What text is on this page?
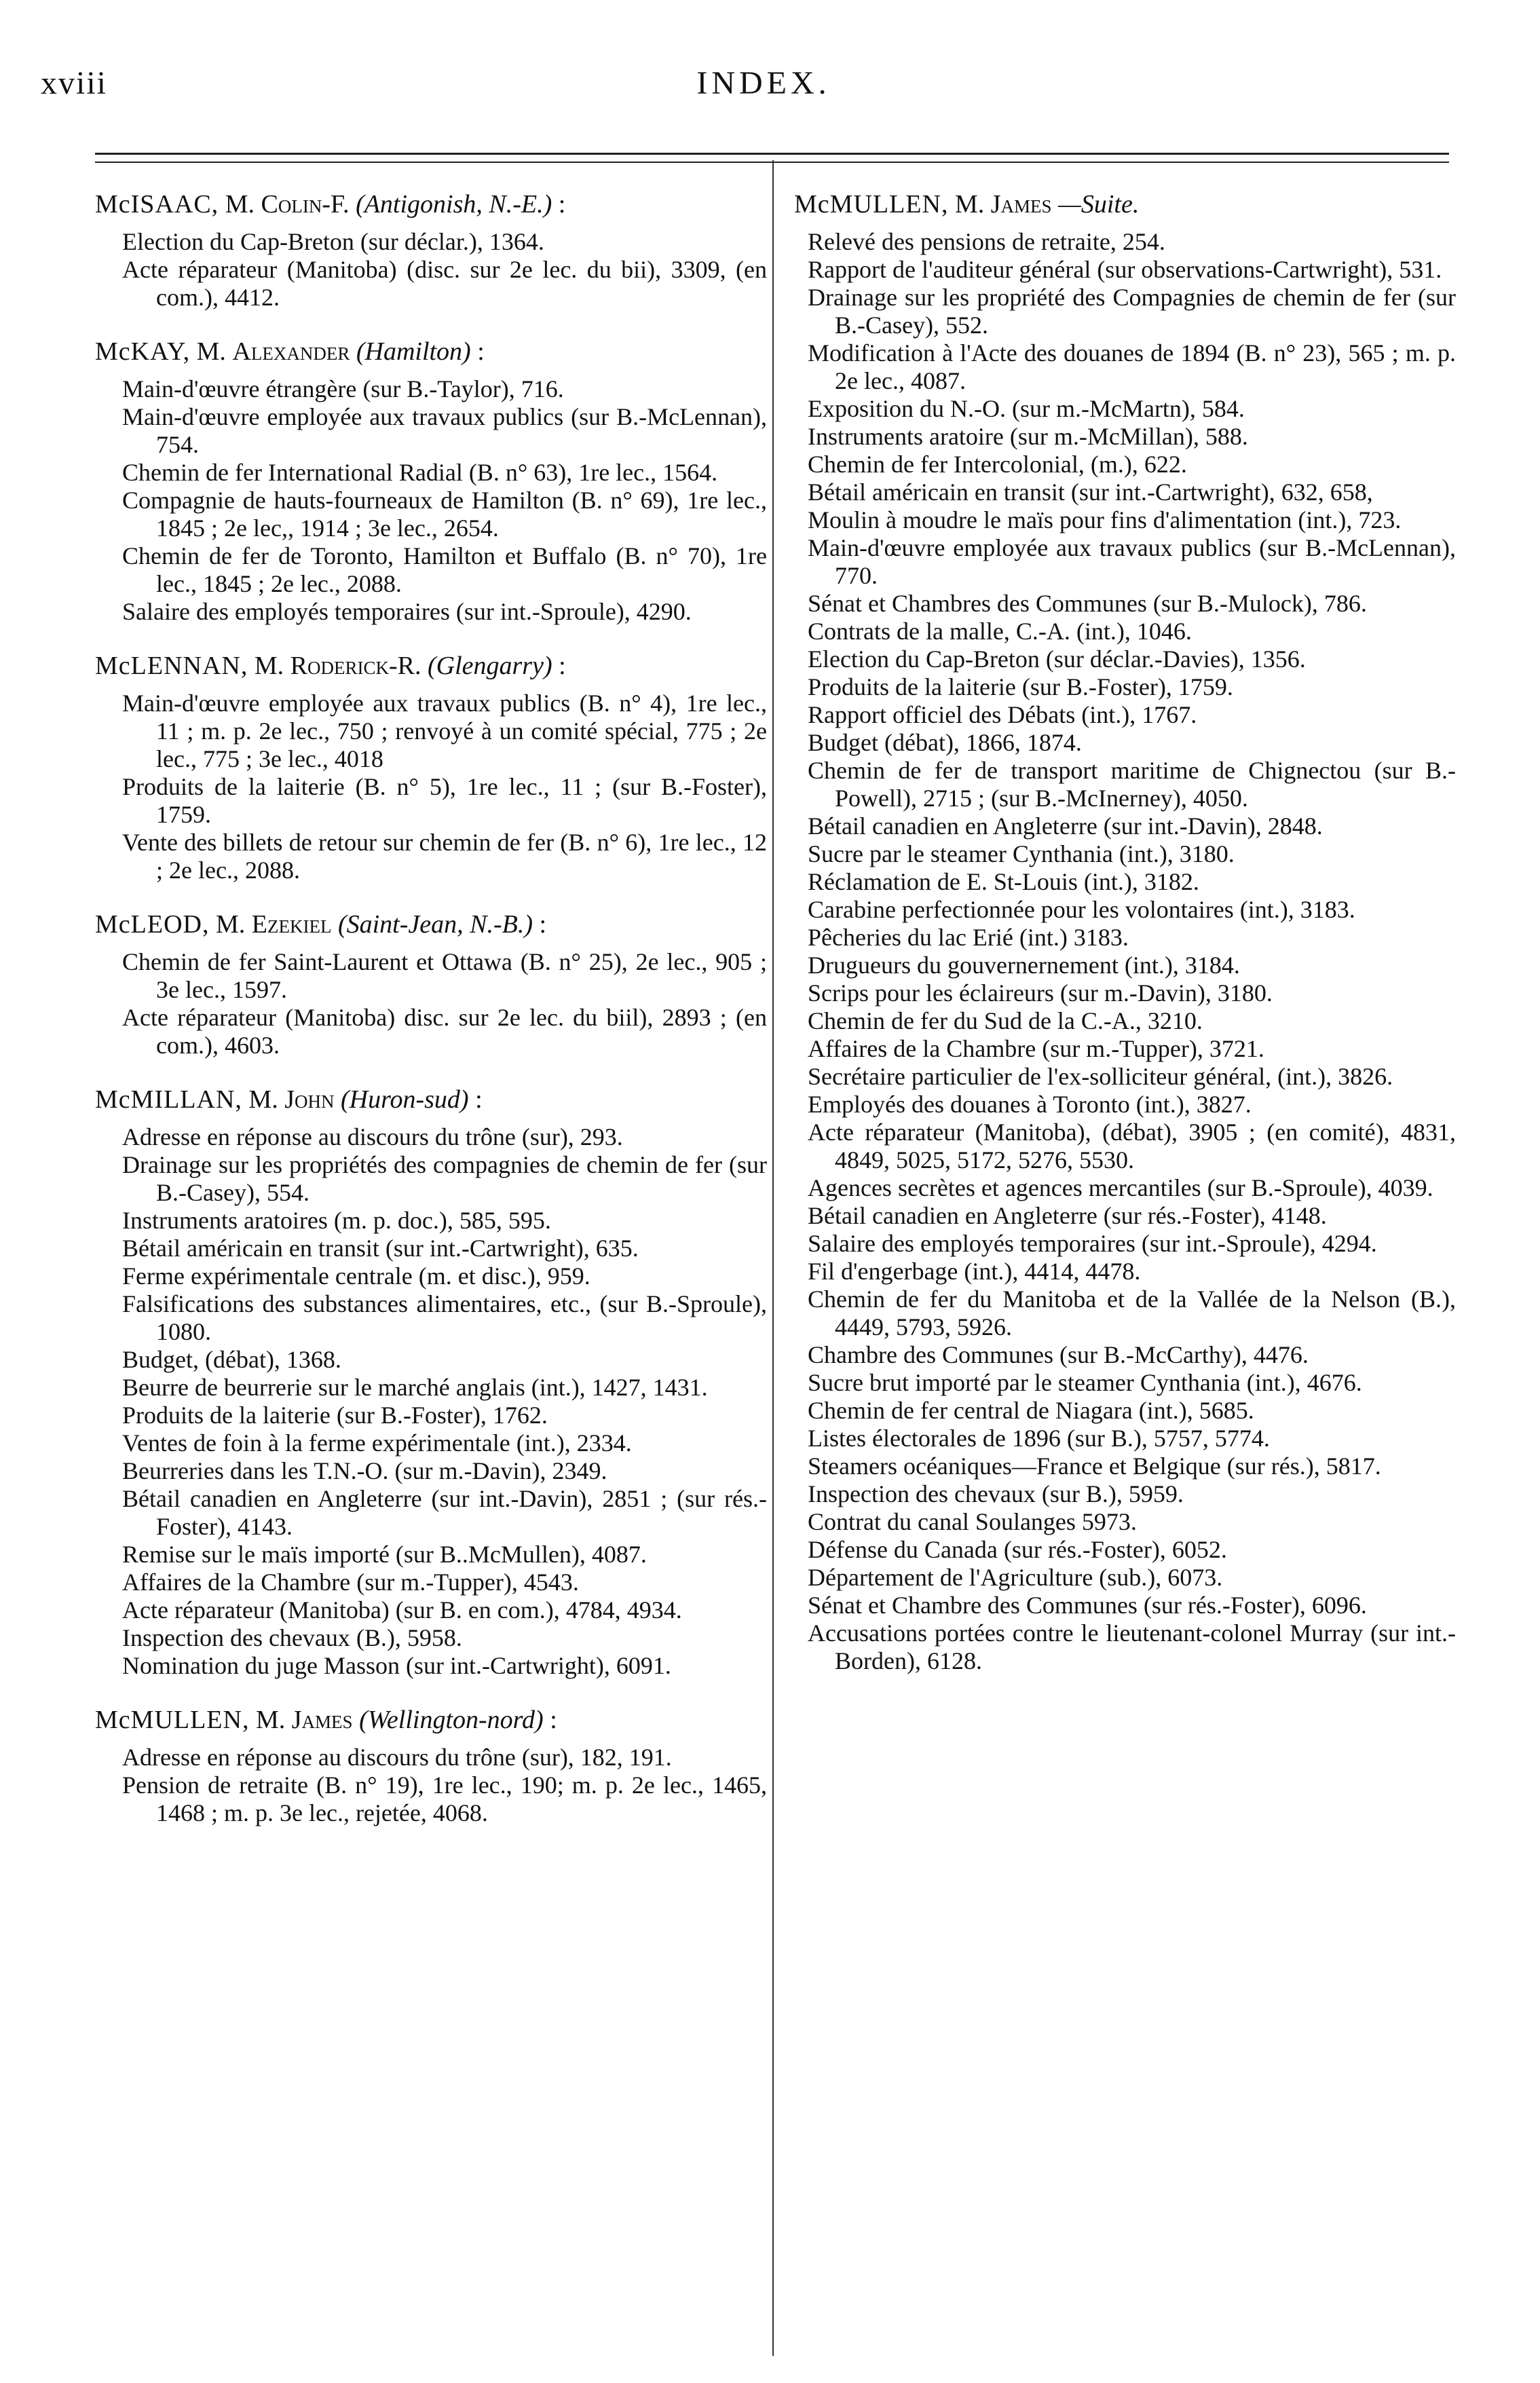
xviii	INDEX.
McISAAC, M. Colin-F. (Antigonish, N.-E.) :

Election du Cap-Breton (sur déclar.), 1364.

Acte réparateur (Manitoba) (disc. sur 2e lec. du bii), 3309, (en com.), 4412.

McKAY, M. Alexander (Hamilton) :

Main-d'œuvre étrangère (sur B.-Taylor), 716.

Main-d'œuvre employée aux travaux publics (sur B.-McLennan), 754.

Chemin de fer International Radial (B. n° 63), 1re lec., 1564.

Compagnie de hauts-fourneaux de Hamilton (B. n° 69), 1re lec., 1845 ; 2e lec,, 1914 ; 3e lec., 2654.

Chemin de fer de Toronto, Hamilton et Buffalo (B. n° 70), 1re lec., 1845 ; 2e lec., 2088.

Salaire des employés temporaires (sur int.-Sproule), 4290.

McLENNAN, M. Roderick-R. (Glengarry) :

Main-d'œuvre employée aux travaux publics (B. n° 4), 1re lec., 11 ; m. p. 2e lec., 750 ; renvoyé à un comité spécial, 775 ; 2e lec., 775 ; 3e lec., 4018

Produits de la laiterie (B. n° 5), 1re lec., 11 ; (sur B.-Foster), 1759.

Vente des billets de retour sur chemin de fer (B. n° 6), 1re lec., 12 ; 2e lec., 2088.

McLEOD, M. Ezekiel (Saint-Jean, N.-B.) :

Chemin de fer Saint-Laurent et Ottawa (B. n° 25), 2e lec., 905 ; 3e lec., 1597.

Acte réparateur (Manitoba) disc. sur 2e lec. du biil), 2893 ; (en com.), 4603.

McMILLAN, M. John (Huron-sud) :

Adresse en réponse au discours du trône (sur), 293.

Drainage sur les propriétés des compagnies de chemin de fer (sur B.-Casey), 554.

Instruments aratoires (m. p. doc.), 585, 595.

Bétail américain en transit (sur int.-Cartwright), 635.

Ferme expérimentale centrale (m. et disc.), 959.

Falsifications des substances alimentaires, etc., (sur B.-Sproule), 1080.

Budget, (débat), 1368.

Beurre de beurrerie sur le marché anglais (int.), 1427, 1431.

Produits de la laiterie (sur B.-Foster), 1762.

Ventes de foin à la ferme expérimentale (int.), 2334.

Beurreries dans les T.N.-O. (sur m.-Davin), 2349.

Bétail canadien en Angleterre (sur int.-Davin), 2851 ; (sur rés.-Foster), 4143.

Remise sur le maïs importé (sur B..McMullen), 4087.

Affaires de la Chambre (sur m.-Tupper), 4543.

Acte réparateur (Manitoba) (sur B. en com.), 4784, 4934.

Inspection des chevaux (B.), 5958.

Nomination du juge Masson (sur int.-Cartwright), 6091.

McMULLEN, M. James (Wellington-nord) :

Adresse en réponse au discours du trône (sur), 182, 191.

Pension de retraite (B. n° 19), 1re lec., 190; m. p. 2e lec., 1465, 1468 ; m. p. 3e lec., rejetée, 4068.

McMULLEN, M. James —Suite.

Relevé des pensions de retraite, 254.

Rapport de l'auditeur général (sur observations-Cartwright), 531.

Drainage sur les propriété des Compagnies de chemin de fer (sur B.-Casey), 552.

Modification à l'Acte des douanes de 1894 (B. n° 23), 565 ; m. p. 2e lec., 4087.

Exposition du N.-O. (sur m.-McMartn), 584.

Instruments aratoire (sur m.-McMillan), 588.

Chemin de fer Intercolonial, (m.), 622.

Bétail américain en transit (sur int.-Cartwright), 632, 658,

Moulin à moudre le maïs pour fins d'alimentation (int.), 723.

Main-d'œuvre employée aux travaux publics (sur B.-McLennan), 770.

Sénat et Chambres des Communes (sur B.-Mulock), 786.

Contrats de la malle, C.-A. (int.), 1046.

Election du Cap-Breton (sur déclar.-Davies), 1356.

Produits de la laiterie (sur B.-Foster), 1759.

Rapport officiel des Débats (int.), 1767.

Budget (débat), 1866, 1874.

Chemin de fer de transport maritime de Chignectou (sur B.-Powell), 2715 ; (sur B.-McInerney), 4050.

Bétail canadien en Angleterre (sur int.-Davin), 2848.

Sucre par le steamer Cynthania (int.), 3180.

Réclamation de E. St-Louis (int.), 3182.

Carabine perfectionnée pour les volontaires (int.), 3183.

Pêcheries du lac Erié (int.) 3183.

Drugueurs du gouvernernement (int.), 3184.

Scrips pour les éclaireurs (sur m.-Davin), 3180.

Chemin de fer du Sud de la C.-A., 3210.

Affaires de la Chambre (sur m.-Tupper), 3721.

Secrétaire particulier de l'ex-solliciteur général, (int.), 3826.

Employés des douanes à Toronto (int.), 3827.

Acte réparateur (Manitoba), (débat), 3905 ; (en comité), 4831, 4849, 5025, 5172, 5276, 5530.

Agences secrètes et agences mercantiles (sur B.-Sproule), 4039.

Bétail canadien en Angleterre (sur rés.-Foster), 4148.

Salaire des employés temporaires (sur int.-Sproule), 4294.

Fil d'engerbage (int.), 4414, 4478.

Chemin de fer du Manitoba et de la Vallée de la Nelson (B.), 4449, 5793, 5926.

Chambre des Communes (sur B.-McCarthy), 4476.

Sucre brut importé par le steamer Cynthania (int.), 4676.

Chemin de fer central de Niagara (int.), 5685.

Listes électorales de 1896 (sur B.), 5757, 5774.

Steamers océaniques—France et Belgique (sur rés.), 5817.

Inspection des chevaux (sur B.), 5959.

Contrat du canal Soulanges 5973.

Défense du Canada (sur rés.-Foster), 6052.

Département de l'Agriculture (sub.), 6073.

Sénat et Chambre des Communes (sur rés.-Foster), 6096.

Accusations portées contre le lieutenant-colonel Murray (sur int.-Borden), 6128.
